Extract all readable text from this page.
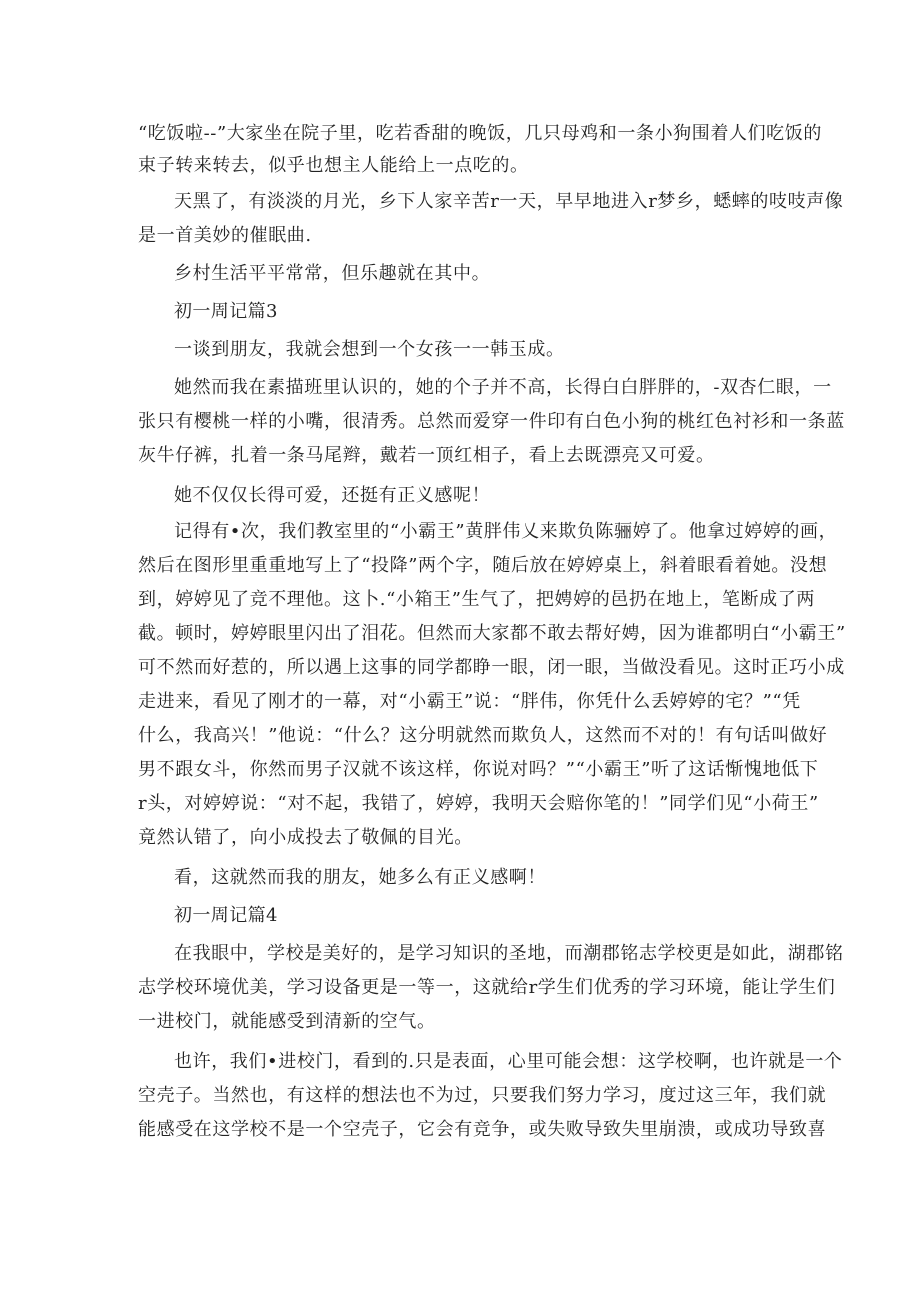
“吃饭啦--”大家坐在院子里，吃若香甜的晚饭，几只母鸡和一条小狗围着人们吃饭的
束子转来转去，似乎也想主人能给上一点吃的。
天黑了，有淡淡的月光，乡下人家辛苦r一天，早早地进入r梦乡，蟋蟀的吱吱声像
是一首美妙的催眠曲.
乡村生活平平常常，但乐趣就在其中。
初一周记篇3
一谈到朋友，我就会想到一个女孩一一韩玉成。
她然而我在素描班里认识的，她的个子并不高，长得白白胖胖的，-双杏仁眼，一
张只有樱桃一样的小嘴，很清秀。总然而爱穿一件印有白色小狗的桃红色衬衫和一条蓝
灰牛仔裤，扎着一条马尾辫，戴若一顶红相子，看上去既漂亮又可爱。
她不仅仅长得可爱，还挺有正义感呢！
记得有•次，我们教室里的“小霸王”黄胖伟乂来欺负陈骊婷了。他拿过婷婷的画，
然后在图形里重重地写上了“投降”两个字，随后放在婷婷桌上，斜着眼看着她。没想
到，婷婷见了竞不理他。这卜.“小箱王”生气了，把娉婷的邑扔在地上，笔断成了两
截。顿时，婷婷眼里闪出了泪花。但然而大家都不敢去帮好娉，因为谁都明白“小霸王”
可不然而好惹的，所以遇上这事的同学都睁一眼，闭一眼，当做没看见。这时正巧小成
走进来，看见了刚才的一幕，对“小霸王”说：“胖伟，你凭什么丢婷婷的宅？”“凭
什么，我高兴！”他说：“什么？这分明就然而欺负人，这然而不对的！有句话叫做好
男不跟女斗，你然而男子汉就不该这样，你说对吗？”“小霸王”听了这话惭愧地低下
r头，对婷婷说：“对不起，我错了，婷婷，我明天会赔你笔的！”同学们见“小荷王”
竟然认错了，向小成投去了敬佩的目光。
看，这就然而我的朋友，她多么有正义感啊！
初一周记篇4
在我眼中，学校是美好的，是学习知识的圣地，而潮郡铭志学校更是如此，湖郡铭
志学校环境优美，学习设备更是一等一，这就给r学生们优秀的学习环境，能让学生们
一进校门，就能感受到清新的空气。
也许，我们•进校门，看到的.只是表面，心里可能会想：这学校啊，也许就是一个
空壳子。当然也，有这样的想法也不为过，只要我们努力学习，度过这三年，我们就
能感受在这学校不是一个空壳子，它会有竞争，或失败导致失里崩溃，或成功导致喜
